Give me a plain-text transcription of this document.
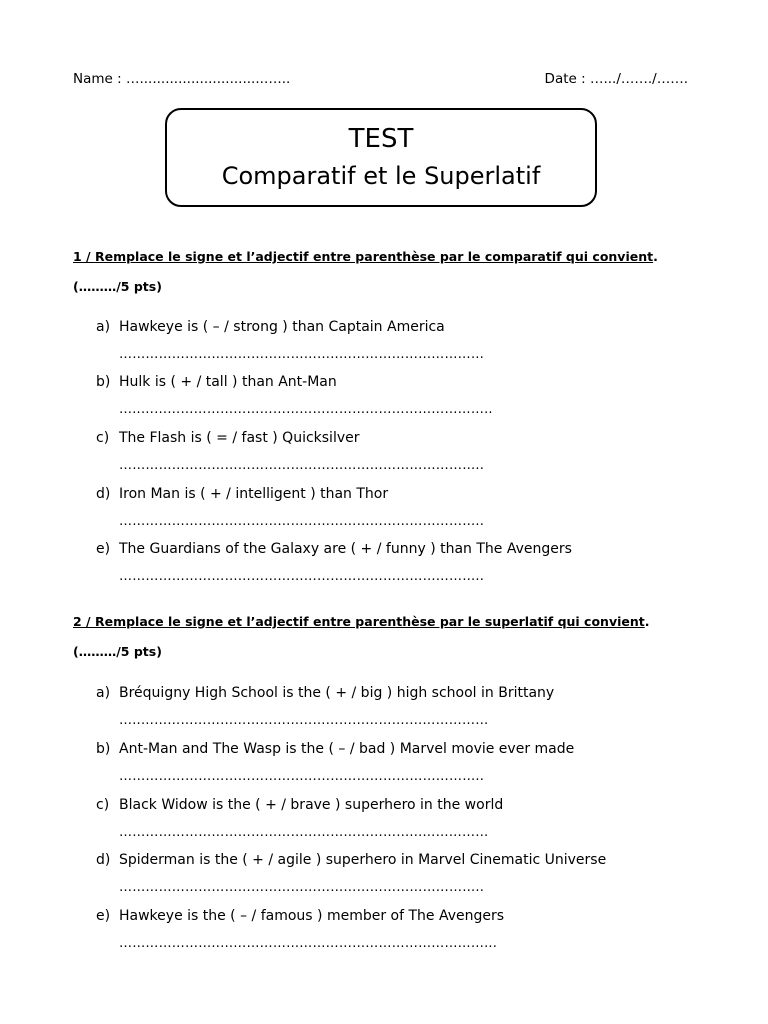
Name : ….............................…...	Date : ….../……./…….
TEST
Comparatif et le Superlatif
1 / Remplace le signe et l’adjectif entre parenthèse par le comparatif qui convient.
(………/5 pts)
a) Hawkeye is ( – / strong ) than Captain America
…………………………………………..……………………………
b) Hulk is ( + / tall ) than Ant-Man
…..……………………………………………………………………..
c) The Flash is ( = / fast ) Quicksilver
………………………………………………………………………..
d) Iron Man is ( + / intelligent ) than Thor
………………………………………………………………………..
e) The Guardians of the Galaxy are ( + / funny ) than The Avengers
………………………………………………………………………..
2 / Remplace le signe et l’adjectif entre parenthèse par le superlatif qui convient.
(………/5 pts)
a) Bréquigny High School is the ( + / big ) high school in Brittany
…..…………………………………………………….………………
b) Ant-Man and The Wasp is the ( – / bad ) Marvel movie ever made
………………………………………………………………………..
c) Black Widow is the ( + / brave ) superhero in the world
…………………………………………………………...……………
d) Spiderman is the ( + / agile ) superhero in Marvel Cinematic Universe
………………………………………………………………………..
e) Hawkeye is the ( – / famous ) member of The Avengers
…………………..……………………………………………………...
